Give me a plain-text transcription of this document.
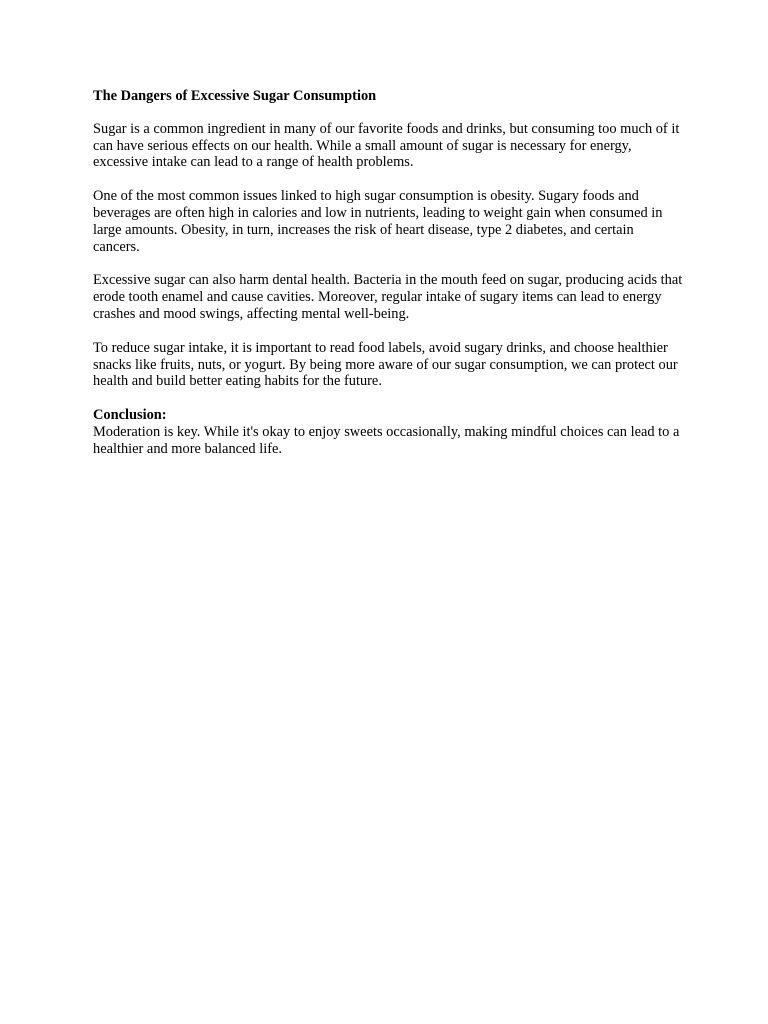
The Dangers of Excessive Sugar Consumption

Sugar is a common ingredient in many of our favorite foods and drinks, but consuming too much of it can have serious effects on our health. While a small amount of sugar is necessary for energy, excessive intake can lead to a range of health problems.

One of the most common issues linked to high sugar consumption is obesity. Sugary foods and beverages are often high in calories and low in nutrients, leading to weight gain when consumed in large amounts. Obesity, in turn, increases the risk of heart disease, type 2 diabetes, and certain cancers.

Excessive sugar can also harm dental health. Bacteria in the mouth feed on sugar, producing acids that erode tooth enamel and cause cavities. Moreover, regular intake of sugary items can lead to energy crashes and mood swings, affecting mental well-being.

To reduce sugar intake, it is important to read food labels, avoid sugary drinks, and choose healthier snacks like fruits, nuts, or yogurt. By being more aware of our sugar consumption, we can protect our health and build better eating habits for the future.

Conclusion:

Moderation is key. While it's okay to enjoy sweets occasionally, making mindful choices can lead to a healthier and more balanced life.
